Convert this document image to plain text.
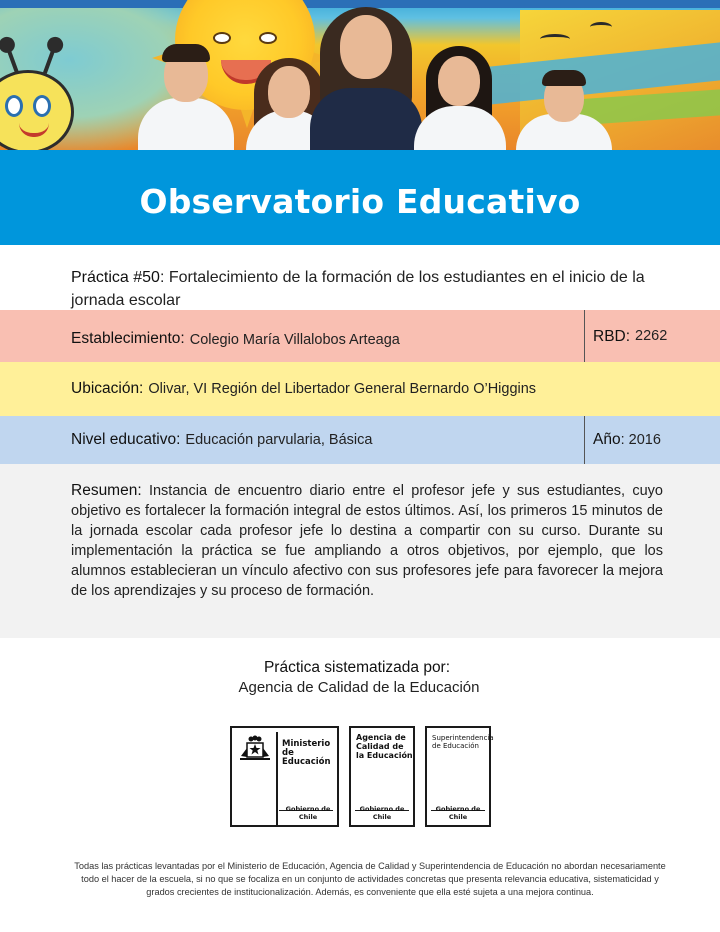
Observatorio Educativo

Práctica #50: Fortalecimiento de la formación de los estudiantes en el inicio de la jornada escolar

Establecimiento: Colegio María Villalobos Arteaga	RBD: 2262
Ubicación: Olivar, VI Región del Libertador General Bernardo O’Higgins
Nivel educativo: Educación parvularia, Básica	Año : 2016

Resumen: Instancia de encuentro diario entre el profesor jefe y sus estudiantes, cuyo objetivo es fortalecer la formación integral de estos últimos. Así, los primeros 15 minutos de la jornada escolar cada profesor jefe lo destina a compartir con su curso. Durante su implementación la práctica se fue ampliando a otros objetivos, por ejemplo, que los alumnos establecieran un vínculo afectivo con sus profesores jefe para favorecer la mejora de los aprendizajes y su proceso de formación.

Práctica sistematizada por:
Agencia de Calidad de la Educación
Ministerio de Educación
Gobierno de Chile
Agencia de Calidad de la Educación
Gobierno de Chile
Superintendencia de Educación
Gobierno de Chile

Todas las prácticas levantadas por el Ministerio de Educación, Agencia de Calidad y Superintendencia de Educación no abordan necesariamente todo el hacer de la escuela, si no que se focaliza en un conjunto de actividades concretas que presenta relevancia educativa, sistematicidad y grados crecientes de institucionalización. Además, es conveniente que ella esté sujeta a una mejora continua.
